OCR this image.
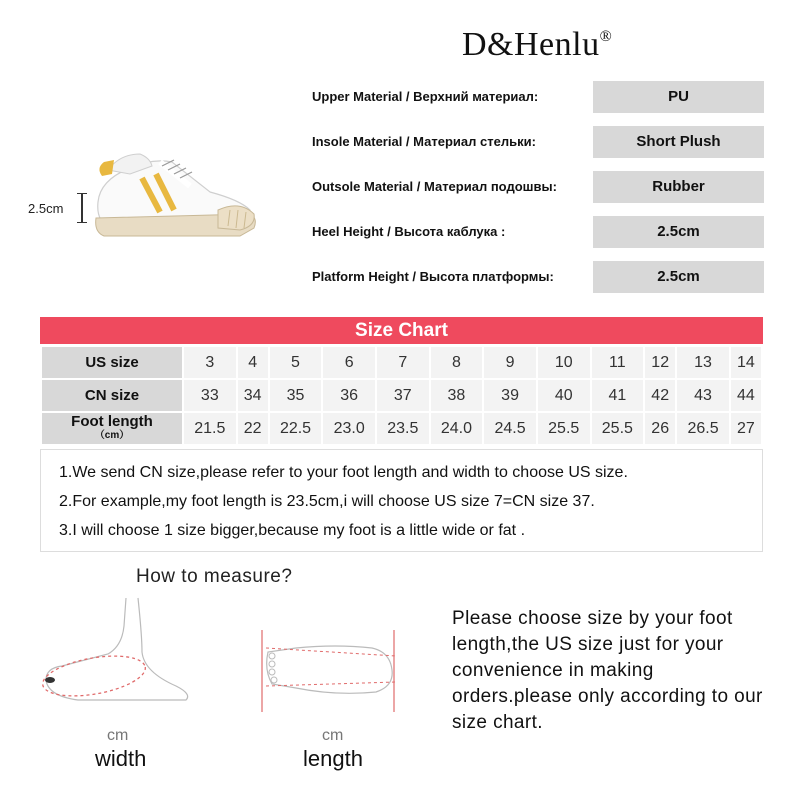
D&Henlu®
2.5cm
Upper Material / Верхний материал:	PU
Insole Material / Материал стельки:	Short Plush
Outsole Material / Материал подошвы:	Rubber
Heel Height / Высота каблука :	2.5cm
Platform Height / Высота платформы:	2.5cm
Size Chart
US size	3	4	5	6	7	8	9	10	11	12	13	14
CN size	33	34	35	36	37	38	39	40	41	42	43	44

Foot length
（cm）	21.5	22	22.5	23.0	23.5	24.0	24.5	25.5	25.5	26	26.5	27

1.We send CN size,please refer to your foot length and width to choose US size.

2.For example,my foot length is 23.5cm,i will choose US size 7=CN size 37.

3.I will choose 1 size bigger,because my foot is a little wide or fat .

How to measure?
cm
width
cm
length
Please choose size by your foot length,the US size just for your convenience in making orders.please only according to our size chart.
